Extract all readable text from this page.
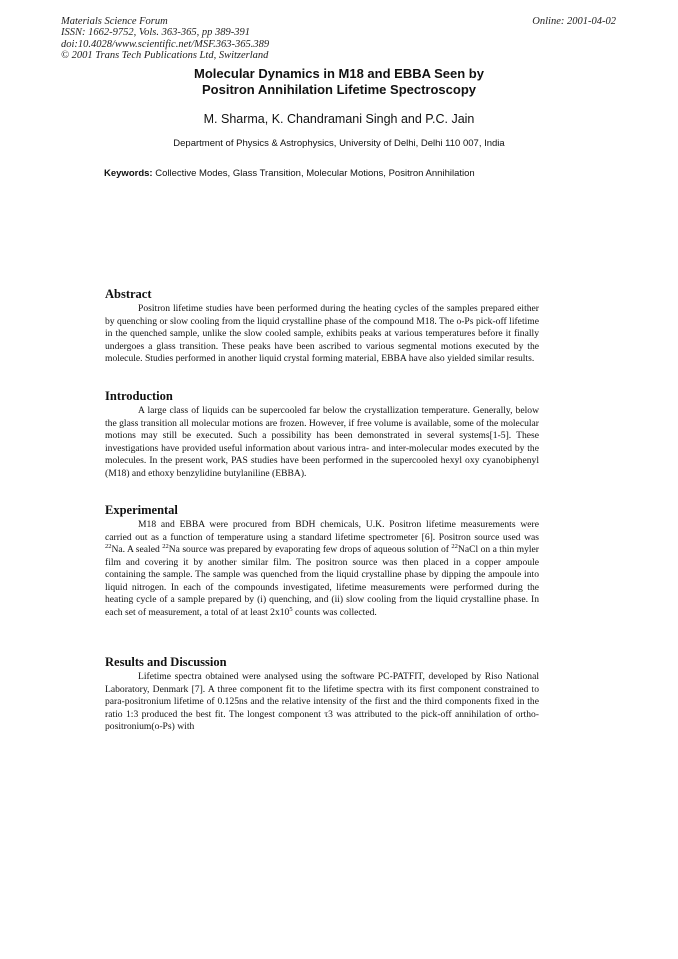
Materials Science Forum
ISSN: 1662-9752, Vols. 363-365, pp 389-391
doi:10.4028/www.scientific.net/MSF.363-365.389
© 2001 Trans Tech Publications Ltd, Switzerland
Online: 2001-04-02
Molecular Dynamics in M18 and EBBA Seen by
Positron Annihilation Lifetime Spectroscopy
M. Sharma, K. Chandramani Singh and P.C. Jain
Department of Physics & Astrophysics, University of Delhi, Delhi 110 007, India
Keywords: Collective Modes, Glass Transition, Molecular Motions, Positron Annihilation
Abstract

Positron lifetime studies have been performed during the heating cycles of the samples prepared either by quenching or slow cooling from the liquid crystalline phase of the compound M18. The o-Ps pick-off lifetime in the quenched sample, unlike the slow cooled sample, exhibits peaks at various temperatures before it finally undergoes a glass transition. These peaks have been ascribed to various segmental motions executed by the molecule. Studies performed in another liquid crystal forming material, EBBA have also yielded similar results.

Introduction

A large class of liquids can be supercooled far below the crystallization temperature. Generally, below the glass transition all molecular motions are frozen. However, if free volume is available, some of the molecular motions may still be executed. Such a possibility has been demonstrated in several systems[1-5]. These investigations have provided useful information about various intra- and inter-molecular modes executed by the molecules. In the present work, PAS studies have been performed in the supercooled hexyl oxy cyanobiphenyl (M18) and ethoxy benzylidine butylaniline (EBBA).

Experimental

M18 and EBBA were procured from BDH chemicals, U.K. Positron lifetime measurements were carried out as a function of temperature using a standard lifetime spectrometer [6]. Positron source used was $^{22}$Na. A sealed $^{22}$Na source was prepared by evaporating few drops of aqueous solution of $^{22}$NaCl on a thin myler film and covering it by another similar film. The positron source was then placed in a copper ampoule containing the sample. The sample was quenched from the liquid crystalline phase by dipping the ampoule into liquid nitrogen. In each of the compounds investigated, lifetime measurements were performed during the heating cycle of a sample prepared by (i) quenching, and (ii) slow cooling from the liquid crystalline phase. In each set of measurement, a total of at least $2x10^5$ counts was collected.

Results and Discussion

Lifetime spectra obtained were analysed using the software PC-PATFIT, developed by Riso National Laboratory, Denmark [7]. A three component fit to the lifetime spectra with its first component constrained to para-positronium lifetime of 0.125ns and the relative intensity of the first and the third components fixed in the ratio 1:3 produced the best fit. The longest component τ3 was attributed to the pick-off annihilation of ortho-positronium(o-Ps) with
